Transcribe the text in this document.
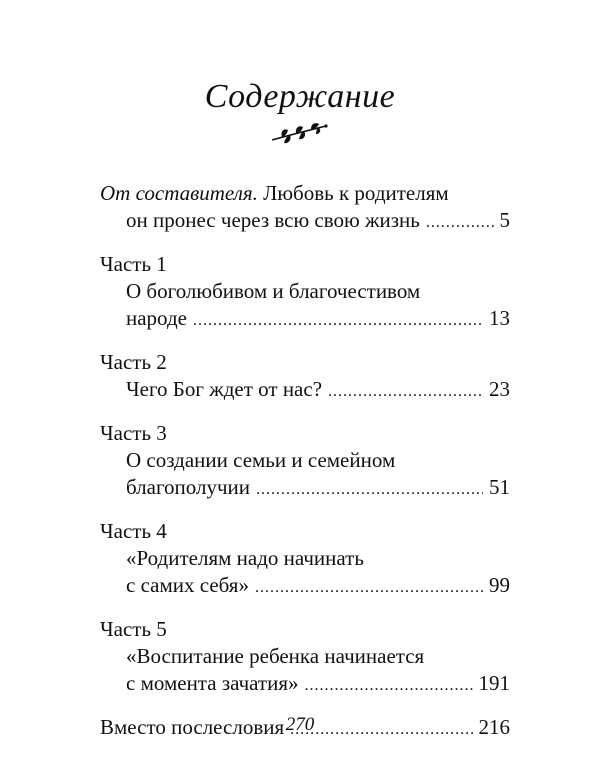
Содержание
От составителя. Любовь к родителям
он пронес через всю свою жизнь .....	5
Часть 1
О боголюбивом и благочестивом
народе .....	13
Часть 2
Чего Бог ждет от нас? .....	23
Часть 3
О создании семьи и семейном
благополучии .....	51
Часть 4
«Родителям надо начинать
с самих себя» .....	99
Часть 5
«Воспитание ребенка начинается
с момента зачатия» .....	191
Вместо послесловия .....	216
270
